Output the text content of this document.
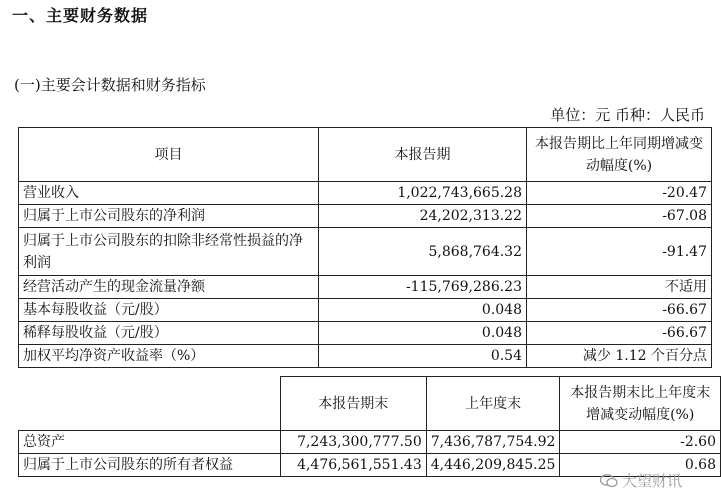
一、主要财务数据
(一)主要会计数据和财务指标
单位：元 币种：人民币
项目	本报告期	本报告期比上年同期增减变动幅度(%)
营业收入	1,022,743,665.28	-20.47
归属于上市公司股东的净利润	24,202,313.22	-67.08
归属于上市公司股东的扣除非经常性损益的净利润	5,868,764.32	-91.47
经营活动产生的现金流量净额	-115,769,286.23	不适用
基本每股收益（元/股）	0.048	-66.67
稀释每股收益（元/股）	0.048	-66.67
加权平均净资产收益率（%）	0.54	减少 1.12 个百分点
	本报告期末	上年度末	本报告期末比上年度末增减变动幅度(%)
总资产	7,243,300,777.50	7,436,787,754.92	-2.60
归属于上市公司股东的所有者权益	4,476,561,551.43	4,446,209,845.25	0.68
大望财讯
